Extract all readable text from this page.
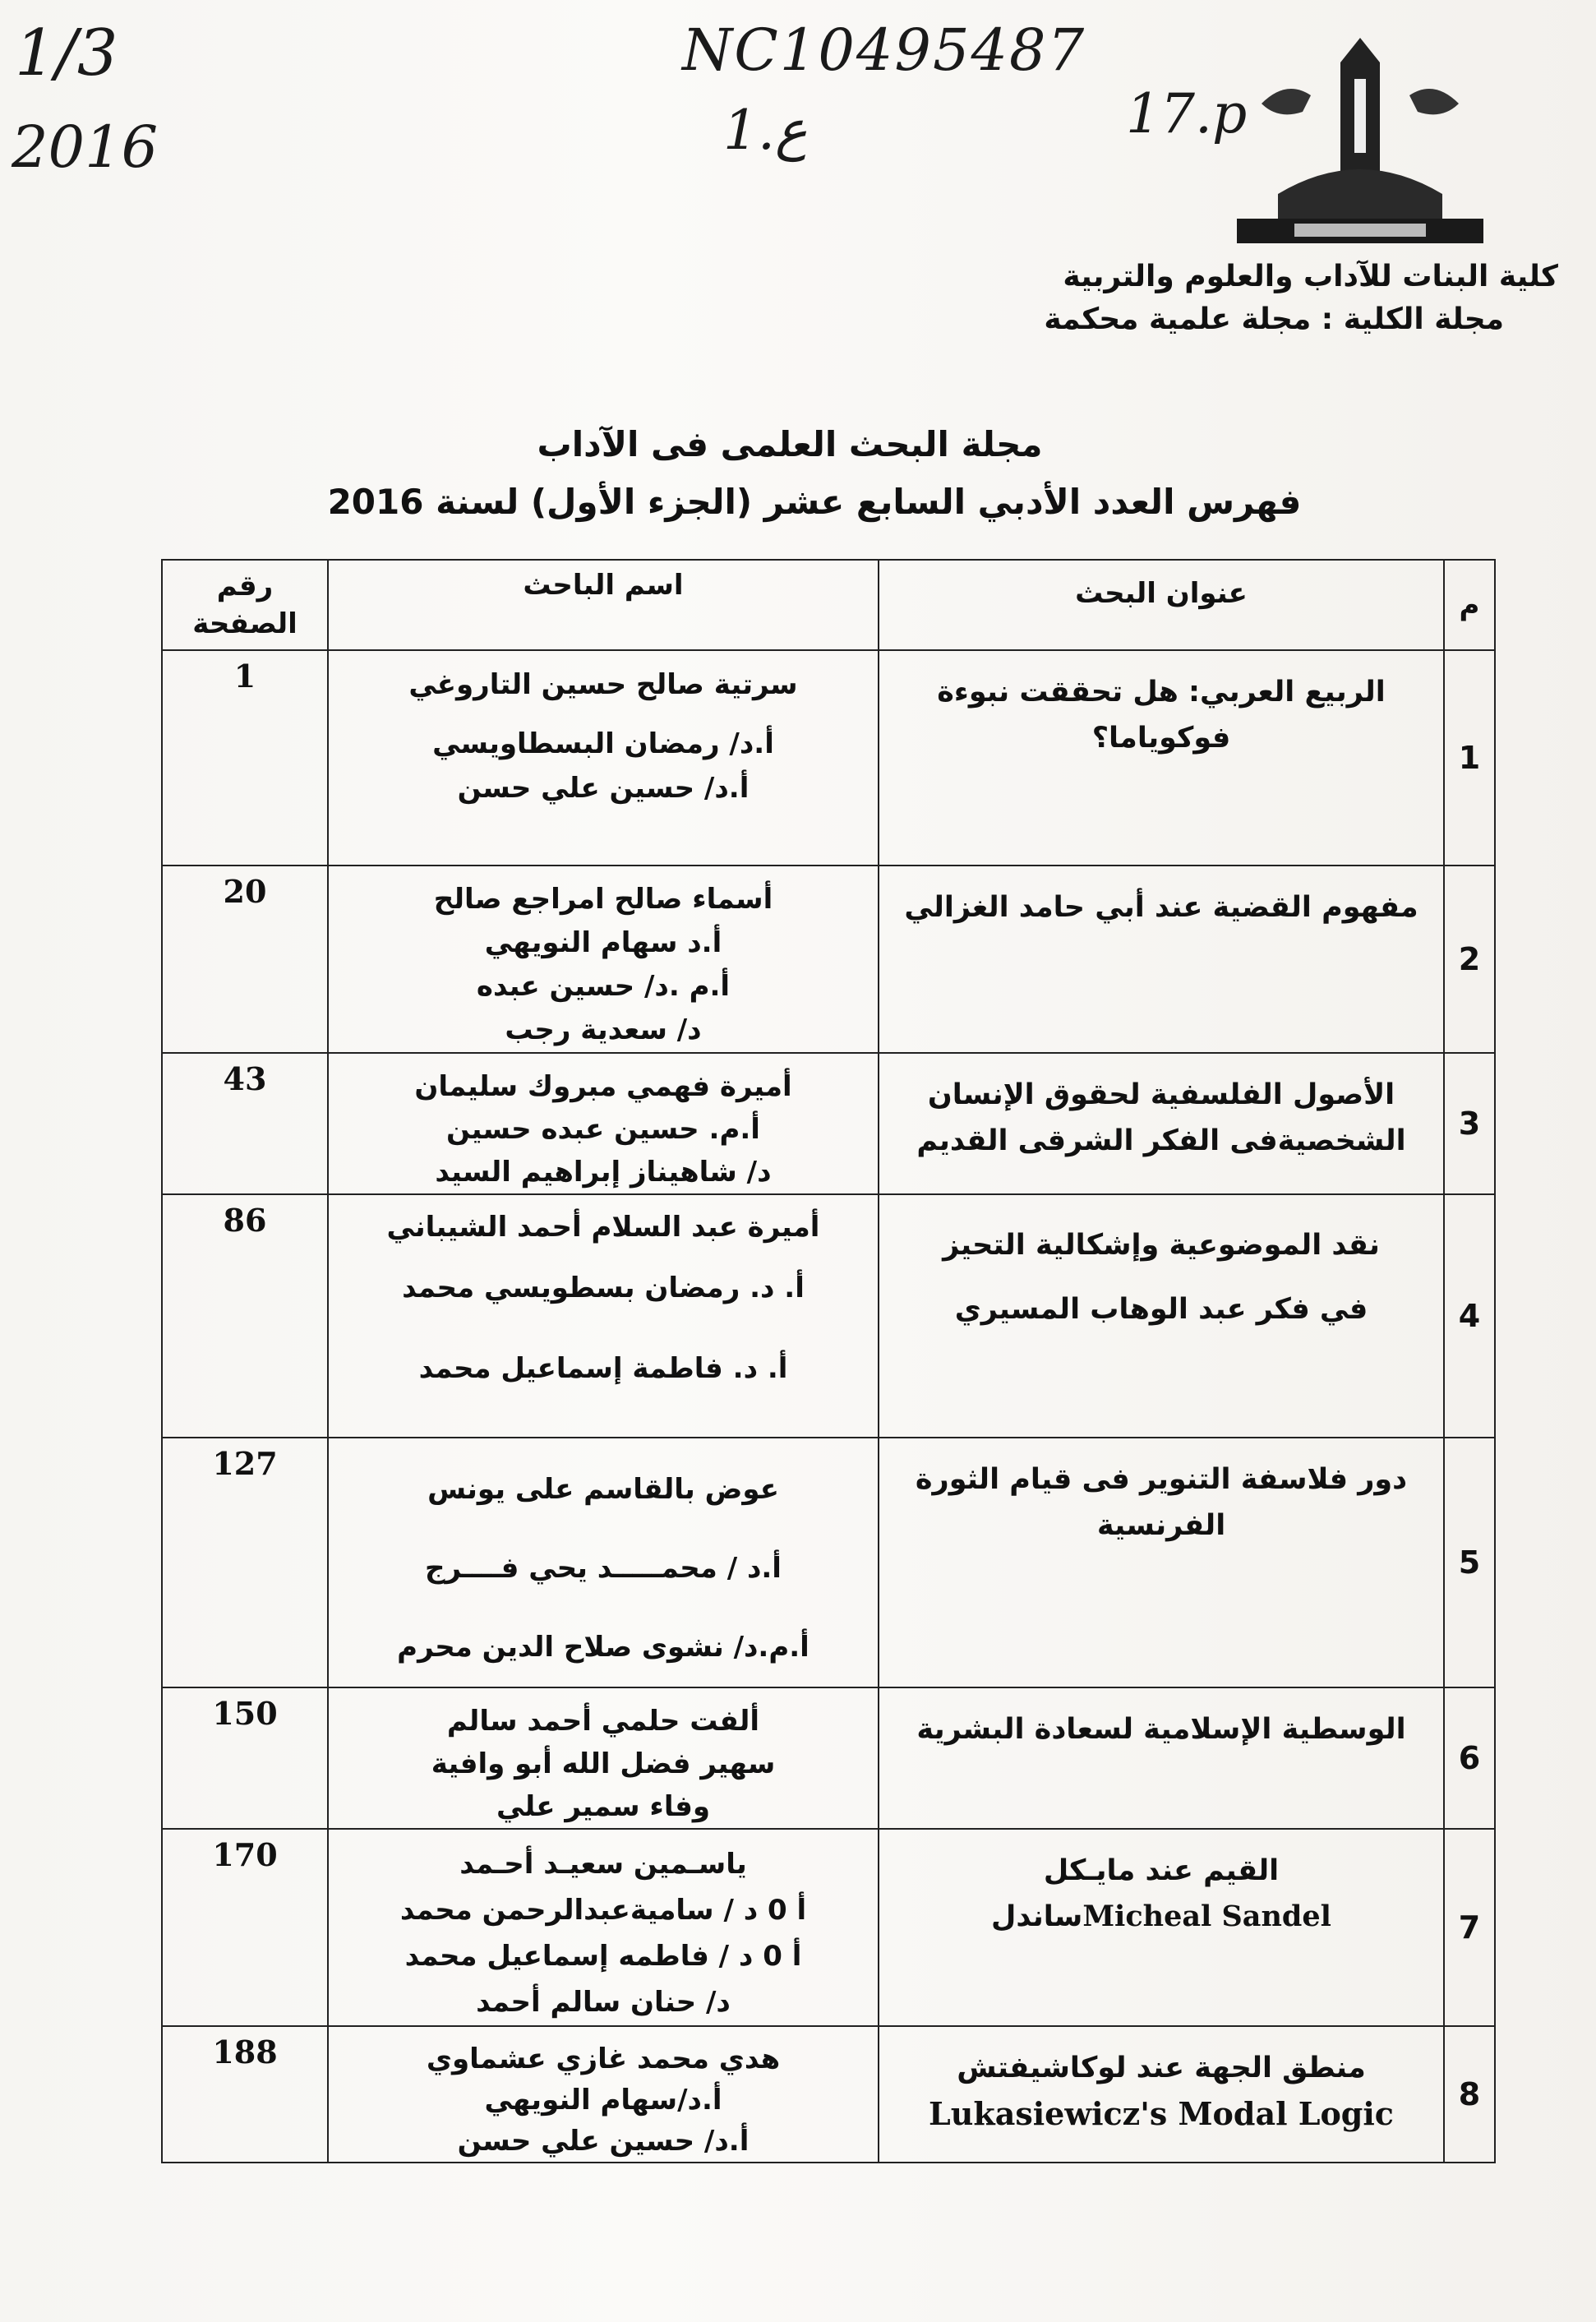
1/3
2016
NC10495487
1.ع	17.p
كلية البنات للآداب والعلوم والتربية
مجلة الكلية : مجلة علمية محكمة
مجلة البحث العلمى فى الآداب
فهرس العدد الأدبي السابع عشر (الجزء الأول) لسنة 2016
م	عنوان البحث	اسم الباحث	رقم الصفحة
1	الربيع العربي: هل تحققت نبوءة
فوكوياما؟	سرتية صالح حسين التاروغي
أ.د/ رمضان البسطاويسي
أ.د/ حسين علي حسن	1
2	مفهوم القضية عند أبي حامد الغزالي	أسماء صالح امراجع صالح
أ.د سهام النويهي
أ.م .د/ حسين عبده
د/ سعدية رجب	20
3	الأصول الفلسفية لحقوق الإنسان
الشخصيةفى الفكر الشرقى القديم	أميرة فهمي مبروك سليمان
أ.م. حسين عبده حسين
د/ شاهيناز إبراهيم السيد	43
4	نقد الموضوعية وإشكالية التحيز
في فكر عبد الوهاب المسيري	أميرة عبد السلام أحمد الشيباني
أ. د. رمضان بسطويسي محمد
أ. د. فاطمة إسماعيل محمد	86
5	دور فلاسفة التنوير فى قيام الثورة
الفرنسية	عوض بالقاسم على يونس
أ.د / محمـــــد يحي فــــرج
أ.م.د/ نشوى صلاح الدين محرم	127
6	الوسطية الإسلامية لسعادة البشرية	ألفت حلمي أحمد سالم
سهير فضل الله أبو وافية
وفاء سمير علي	150
7	القيم عند مايـكل
Micheal Sandelساندل	ياسـمين سعيـد أحـمد
أ 0 د / ساميةعبدالرحمن محمد
أ 0 د / فاطمه إسماعيل محمد
د/ حنان سالم أحمد	170
8	منطق الجهة عند لوكاشيفتش
Lukasiewicz's Modal Logic	هدي محمد غازي عشماوي
أ.د/سهام النويهي
أ.د/ حسين علي حسن	188
